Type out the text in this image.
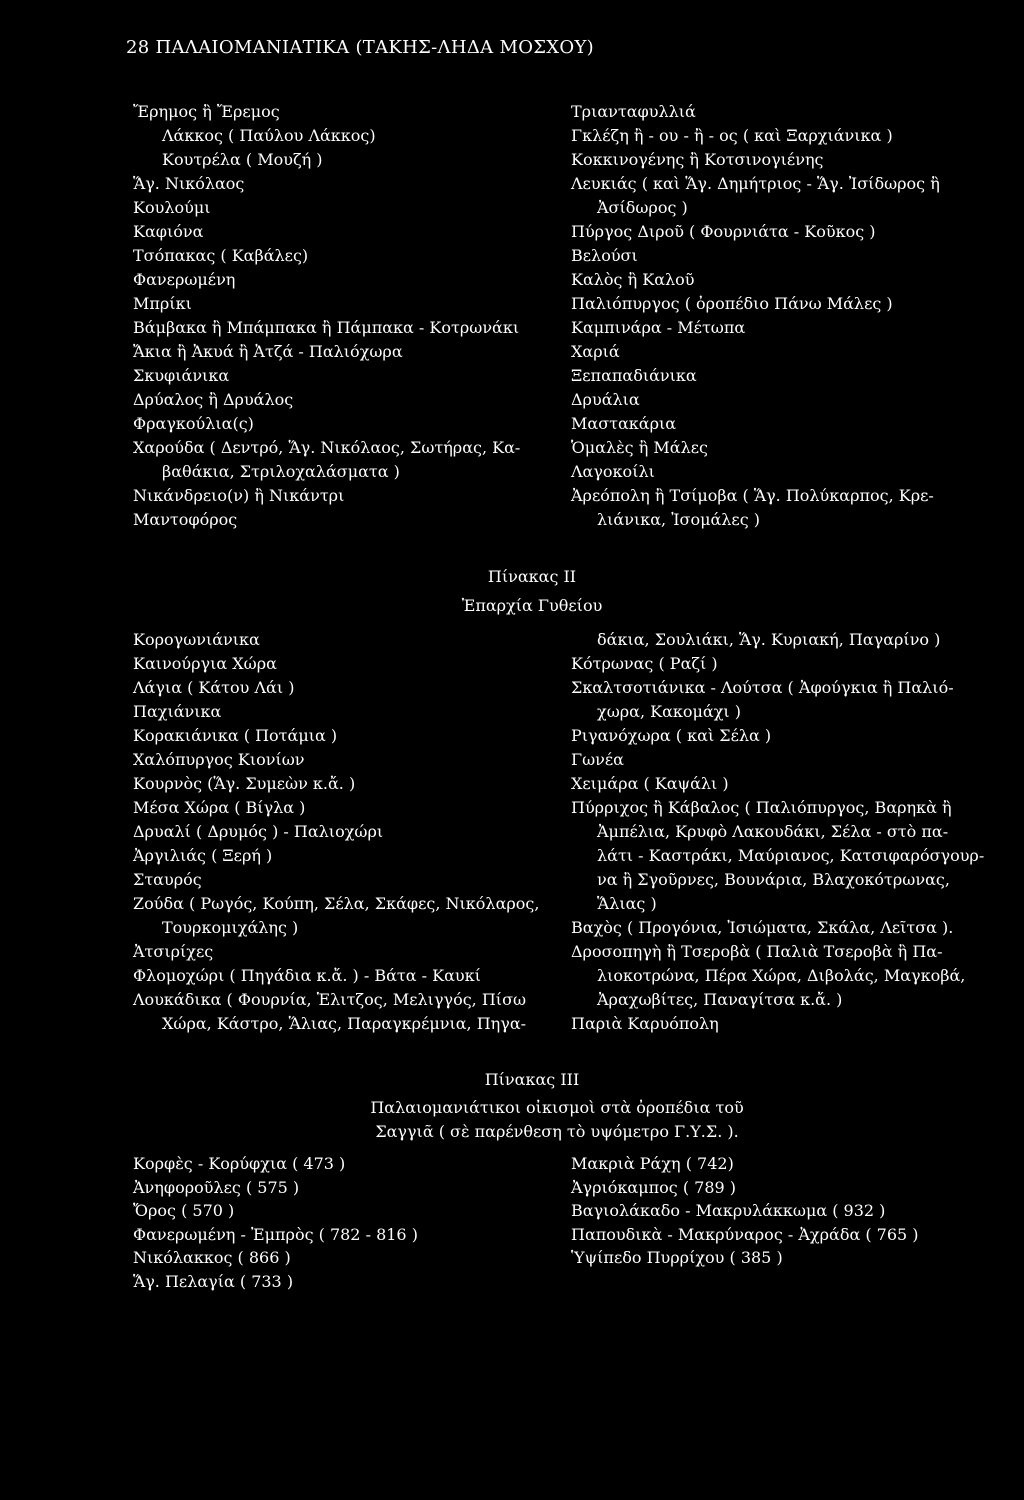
28 ΠΑΛΑΙΟΜΑΝΙΑΤΙΚΑ (ΤΑΚΗΣ-ΛΗΔΑ ΜΟΣΧΟΥ)
Ἔρημος ἢ Ἔρεμος
Λάκκος ( Παύλου Λάκκος)
Κουτρέλα ( Μουζή )
Ἅγ. Νικόλαος
Κουλούμι
Καφιόνα
Τσόπακας ( Καβάλες)
Φανερωμένη
Μπρίκι
Βάμβακα ἢ Μπάμπακα ἢ Πάμπακα - Κοτρωνάκι
Ἄκια ἢ Ἀκυά ἢ Ἀτζά - Παλιόχωρα
Σκυφιάνικα
Δρύαλος ἢ Δρυάλος
Φραγκούλια(ς)
Χαρούδα ( Δεντρό, Ἅγ. Νικόλαος, Σωτήρας, Κα-
βαθάκια, Στριλοχαλάσματα )
Νικάνδρειο(ν) ἢ Νικάντρι
Μαντοφόρος
Τριανταφυλλιά
Γκλέζη ἢ - ου - ἢ - ος ( καὶ Ξαρχιάνικα )
Κοκκινογένης ἢ Κοτσινογιένης
Λευκιάς ( καὶ Ἅγ. Δημήτριος - Ἅγ. Ἰσίδωρος ἢ
Ἀσίδωρος )
Πύργος Διροῦ ( Φουρνιάτα - Κοῦκος )
Βελούσι
Καλὸς ἢ Καλοῦ
Παλιόπυργος ( ὀροπέδιο Πάνω Μάλες )
Καμπινάρα - Μέτωπα
Χαριά
Ξεπαπαδιάνικα
Δρυάλια
Μαστακάρια
Ὁμαλὲς ἢ Μάλες
Λαγοκοίλι
Ἀρεόπολη ἢ Τσίμοβα ( Ἅγ. Πολύκαρπος, Κρε-
λιάνικα, Ἰσομάλες )
Πίνακας II
Ἐπαρχία Γυθείου
Κορογωνιάνικα
Καινούργια Χώρα
Λάγια ( Κάτου Λάι )
Παχιάνικα
Κορακιάνικα ( Ποτάμια )
Χαλόπυργος Κιονίων
Κουρνὸς (Ἅγ. Συμεὼν κ.ἄ. )
Μέσα Χώρα ( Βίγλα )
Δρυαλί ( Δρυμός ) - Παλιοχώρι
Ἀργιλιάς ( Ξερή )
Σταυρός
Ζούδα ( Ρωγός, Κούπη, Σέλα, Σκάφες, Νικόλαρος,
Τουρκομιχάλης )
Ἀτσιρίχες
Φλομοχώρι ( Πηγάδια κ.ἄ. ) - Βάτα - Καυκί
Λουκάδικα ( Φουρνία, Ἑλιτζος, Μελιγγός, Πίσω
Χώρα, Κάστρο, Ἅλιας, Παραγκρέμνια, Πηγα-
δάκια, Σουλιάκι, Ἅγ. Κυριακή, Παγαρίνο )
Κότρωνας ( Ραζί )
Σκαλτσοτιάνικα - Λούτσα ( Ἀφούγκια ἢ Παλιό-
χωρα, Κακομάχι )
Ριγανόχωρα ( καὶ Σέλα )
Γωνέα
Χειμάρα ( Καψάλι )
Πύρριχος ἢ Κάβαλος ( Παλιόπυργος, Βαρηκὰ ἢ
Ἀμπέλια, Κρυφὸ Λακουδάκι, Σέλα - στὸ πα-
λάτι - Καστράκι, Μαύριανος, Κατσιφαρόσγουρ-
να ἢ Σγοῦρνες, Βουνάρια, Βλαχοκότρωνας,
Ἅλιας )
Βαχὸς ( Προγόνια, Ἰσιώματα, Σκάλα, Λεῖτσα ).
Δροσοπηγὴ ἢ Τσεροβὰ ( Παλιὰ Τσεροβὰ ἢ Πα-
λιοκοτρώνα, Πέρα Χώρα, Διβολάς, Μαγκοβά,
Ἀραχωβίτες, Παναγίτσα κ.ἄ. )
Παριὰ Καρυόπολη
Πίνακας III
Παλαιομανιάτικοι οἰκισμοὶ στὰ ὀροπέδια τοῦ
Σαγγιᾶ ( σὲ παρένθεση τὸ υψόμετρο Γ.Υ.Σ. ).
Κορφὲς - Κορύφχια ( 473 )
Ἀνηφοροῦλες ( 575 )
Ὄρος ( 570 )
Φανερωμένη - Ἐμπρὸς ( 782 - 816 )
Νικόλακκος ( 866 )
Ἅγ. Πελαγία ( 733 )
Μακριὰ Ράχη ( 742)
Ἀγριόκαμπος ( 789 )
Βαγιολάκαδο - Μακρυλάκκωμα ( 932 )
Παπουδικὰ - Μακρύναρος - Ἀχράδα ( 765 )
Ὑψίπεδο Πυρρίχου ( 385 )
